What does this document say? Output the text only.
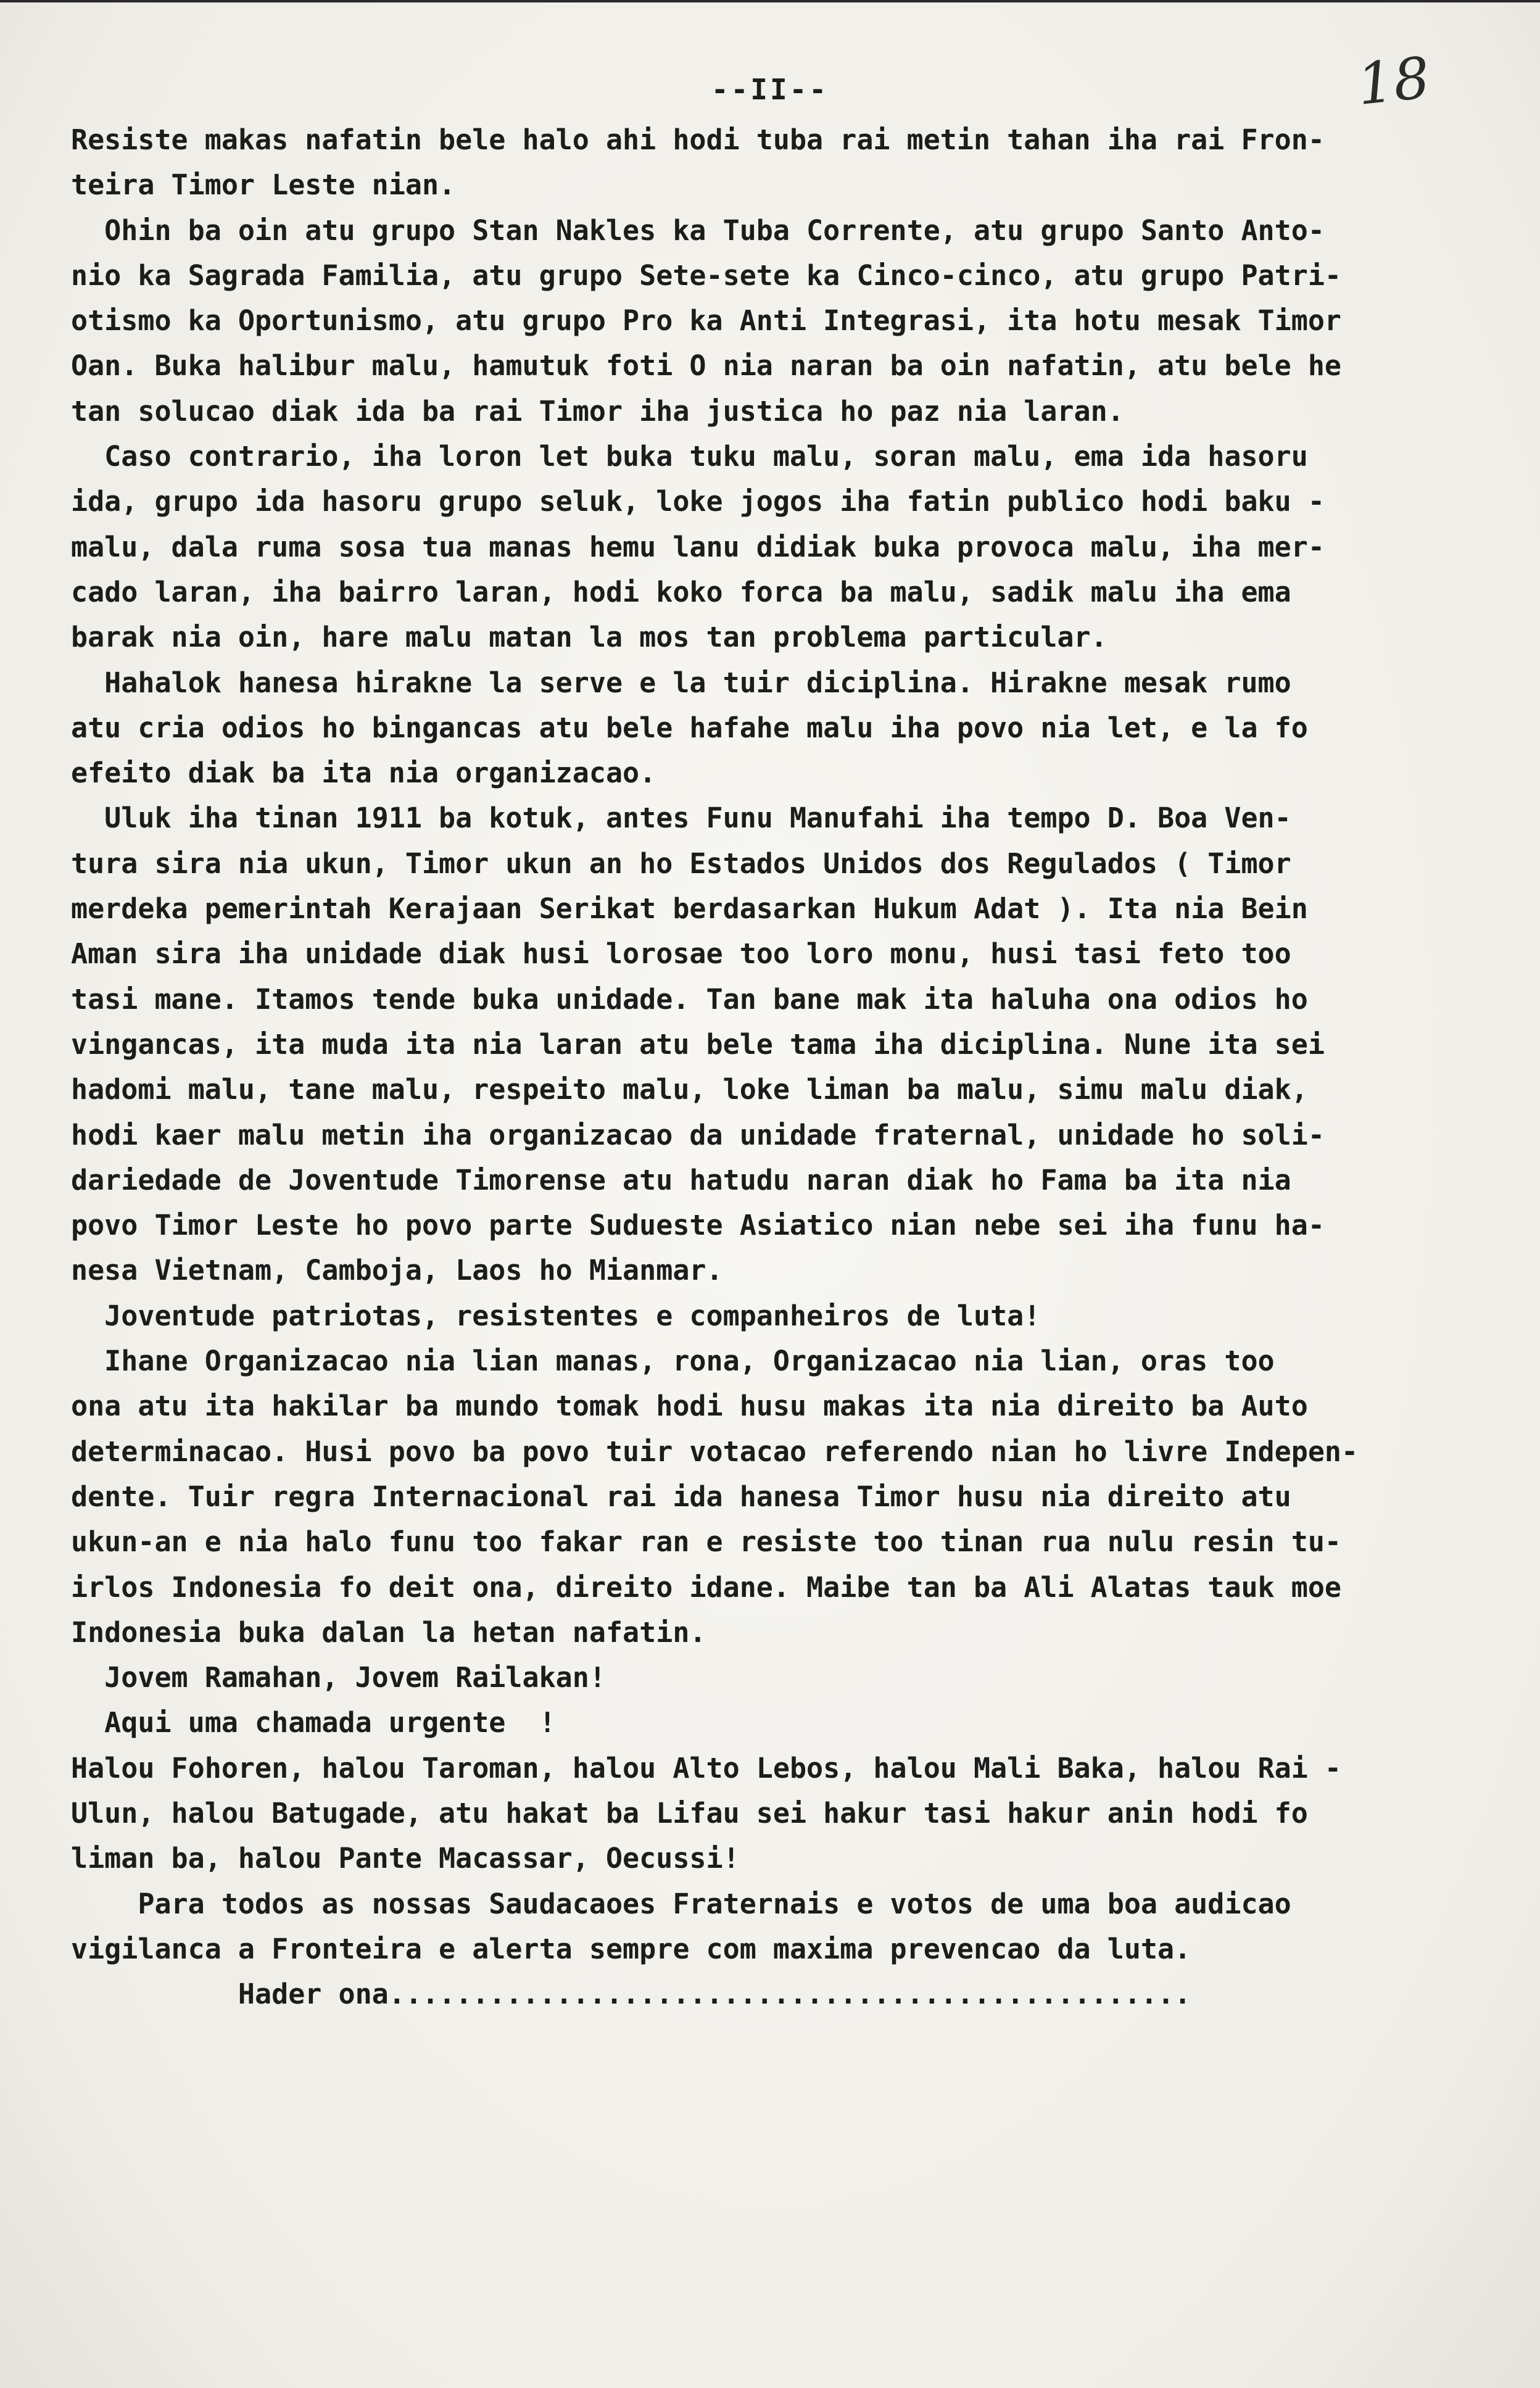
--II--	18
Resiste makas nafatin bele halo ahi hodi tuba rai metin tahan iha rai Fron-
teira Timor Leste nian.
Ohin ba oin atu grupo Stan Nakles ka Tuba Corrente, atu grupo Santo Anto-
nio ka Sagrada Familia, atu grupo Sete-sete ka Cinco-cinco, atu grupo Patri-
otismo ka Oportunismo, atu grupo Pro ka Anti Integrasi, ita hotu mesak Timor
Oan. Buka halibur malu, hamutuk foti O nia naran ba oin nafatin, atu bele he
tan solucao diak ida ba rai Timor iha justica ho paz nia laran.
Caso contrario, iha loron let buka tuku malu, soran malu, ema ida hasoru
ida, grupo ida hasoru grupo seluk, loke jogos iha fatin publico hodi baku -
malu, dala ruma sosa tua manas hemu lanu didiak buka provoca malu, iha mer-
cado laran, iha bairro laran, hodi koko forca ba malu, sadik malu iha ema
barak nia oin, hare malu matan la mos tan problema particular.
Hahalok hanesa hirakne la serve e la tuir diciplina. Hirakne mesak rumo
atu cria odios ho bingancas atu bele hafahe malu iha povo nia let, e la fo
efeito diak ba ita nia organizacao.
Uluk iha tinan 1911 ba kotuk, antes Funu Manufahi iha tempo D. Boa Ven-
tura sira nia ukun, Timor ukun an ho Estados Unidos dos Regulados ( Timor
merdeka pemerintah Kerajaan Serikat berdasarkan Hukum Adat ). Ita nia Bein
Aman sira iha unidade diak husi lorosae too loro monu, husi tasi feto too
tasi mane. Itamos tende buka unidade. Tan bane mak ita haluha ona odios ho
vingancas, ita muda ita nia laran atu bele tama iha diciplina. Nune ita sei
hadomi malu, tane malu, respeito malu, loke liman ba malu, simu malu diak,
hodi kaer malu metin iha organizacao da unidade fraternal, unidade ho soli-
dariedade de Joventude Timorense atu hatudu naran diak ho Fama ba ita nia
povo Timor Leste ho povo parte Sudueste Asiatico nian nebe sei iha funu ha-
nesa Vietnam, Camboja, Laos ho Mianmar.
Joventude patriotas, resistentes e companheiros de luta!
Ihane Organizacao nia lian manas, rona, Organizacao nia lian, oras too
ona atu ita hakilar ba mundo tomak hodi husu makas ita nia direito ba Auto
determinacao. Husi povo ba povo tuir votacao referendo nian ho livre Indepen-
dente. Tuir regra Internacional rai ida hanesa Timor husu nia direito atu
ukun-an e nia halo funu too fakar ran e resiste too tinan rua nulu resin tu-
irlos Indonesia fo deit ona, direito idane. Maibe tan ba Ali Alatas tauk moe
Indonesia buka dalan la hetan nafatin.
Jovem Ramahan, Jovem Railakan!
Aqui uma chamada urgente  !
Halou Fohoren, halou Taroman, halou Alto Lebos, halou Mali Baka, halou Rai -
Ulun, halou Batugade, atu hakat ba Lifau sei hakur tasi hakur anin hodi fo
liman ba, halou Pante Macassar, Oecussi!
Para todos as nossas Saudacaoes Fraternais e votos de uma boa audicao
vigilanca a Fronteira e alerta sempre com maxima prevencao da luta.
Hader ona................................................
